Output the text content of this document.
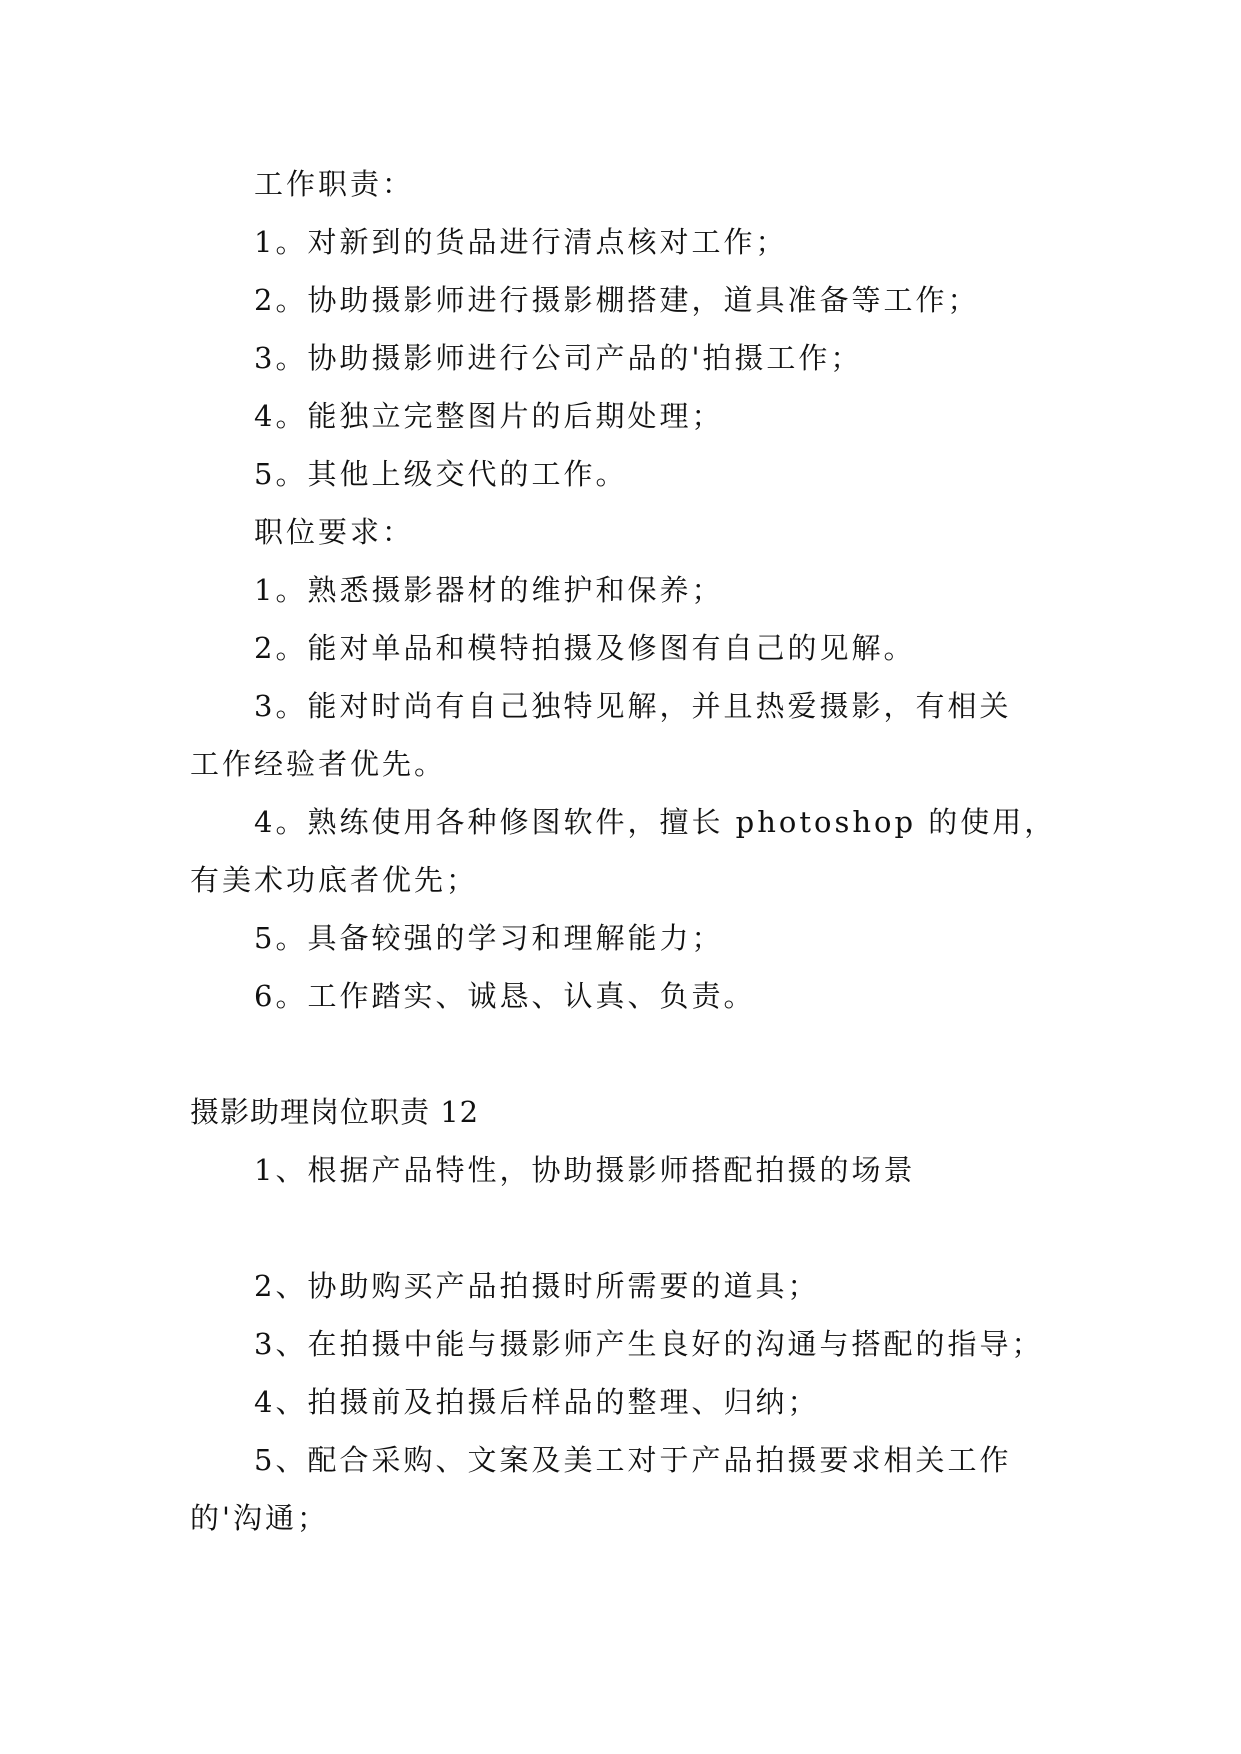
工作职责：
1。对新到的货品进行清点核对工作；
2。协助摄影师进行摄影棚搭建，道具准备等工作；
3。协助摄影师进行公司产品的'拍摄工作；
4。能独立完整图片的后期处理；
5。其他上级交代的工作。
职位要求：
1。熟悉摄影器材的维护和保养；
2。能对单品和模特拍摄及修图有自己的见解。
3。能对时尚有自己独特见解，并且热爱摄影，有相关
工作经验者优先。
4。熟练使用各种修图软件，擅长 photoshop 的使用，
有美术功底者优先；
5。具备较强的学习和理解能力；
6。工作踏实、诚恳、认真、负责。
摄影助理岗位职责 12
1、根据产品特性，协助摄影师搭配拍摄的场景
2、协助购买产品拍摄时所需要的道具；
3、在拍摄中能与摄影师产生良好的沟通与搭配的指导；
4、拍摄前及拍摄后样品的整理、归纳；
5、配合采购、文案及美工对于产品拍摄要求相关工作
的'沟通；
